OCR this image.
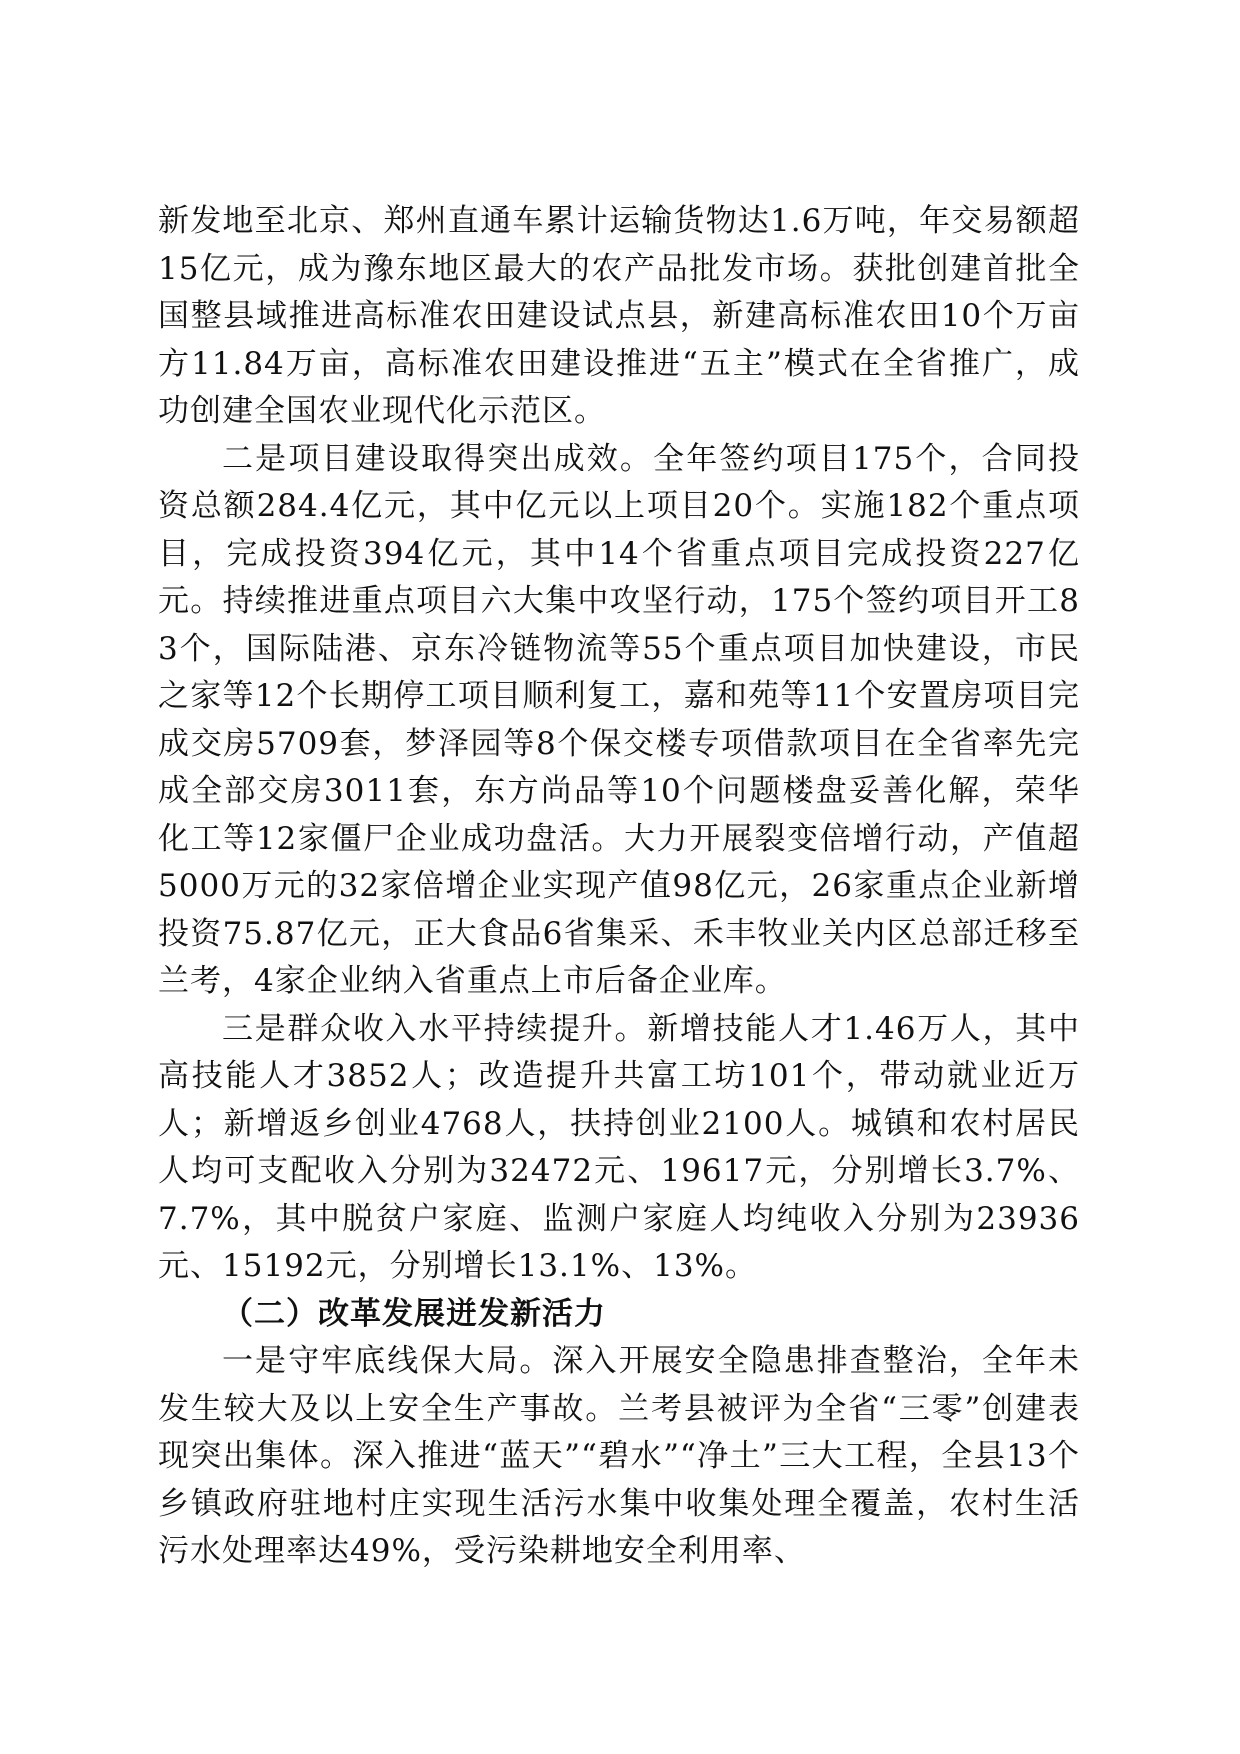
新发地至北京、郑州直通车累计运输货物达1.6万吨，年交易额超15亿元，成为豫东地区最大的农产品批发市场。获批创建首批全国整县域推进高标准农田建设试点县，新建高标准农田10个万亩方11.84万亩，高标准农田建设推进“五主”模式在全省推广，成功创建全国农业现代化示范区。

二是项目建设取得突出成效。全年签约项目175个，合同投资总额284.4亿元，其中亿元以上项目20个。实施182个重点项目，完成投资394亿元，其中14个省重点项目完成投资227亿元。持续推进重点项目六大集中攻坚行动，175个签约项目开工83个，国际陆港、京东冷链物流等55个重点项目加快建设，市民之家等12个长期停工项目顺利复工，嘉和苑等11个安置房项目完成交房5709套，梦泽园等8个保交楼专项借款项目在全省率先完成全部交房3011套，东方尚品等10个问题楼盘妥善化解，荣华化工等12家僵尸企业成功盘活。大力开展裂变倍增行动，产值超5000万元的32家倍增企业实现产值98亿元，26家重点企业新增投资75.87亿元，正大食品6省集采、禾丰牧业关内区总部迁移至兰考，4家企业纳入省重点上市后备企业库。

三是群众收入水平持续提升。新增技能人才1.46万人，其中高技能人才3852人；改造提升共富工坊101个，带动就业近万人；新增返乡创业4768人，扶持创业2100人。城镇和农村居民人均可支配收入分别为32472元、19617元，分别增长3.7%、7.7%，其中脱贫户家庭、监测户家庭人均纯收入分别为23936元、15192元，分别增长13.1%、13%。

（二）改革发展迸发新活力

一是守牢底线保大局。深入开展安全隐患排查整治，全年未发生较大及以上安全生产事故。兰考县被评为全省“三零”创建表现突出集体。深入推进“蓝天”“碧水”“净土”三大工程，全县13个乡镇政府驻地村庄实现生活污水集中收集处理全覆盖，农村生活污水处理率达49%，受污染耕地安全利用率、
